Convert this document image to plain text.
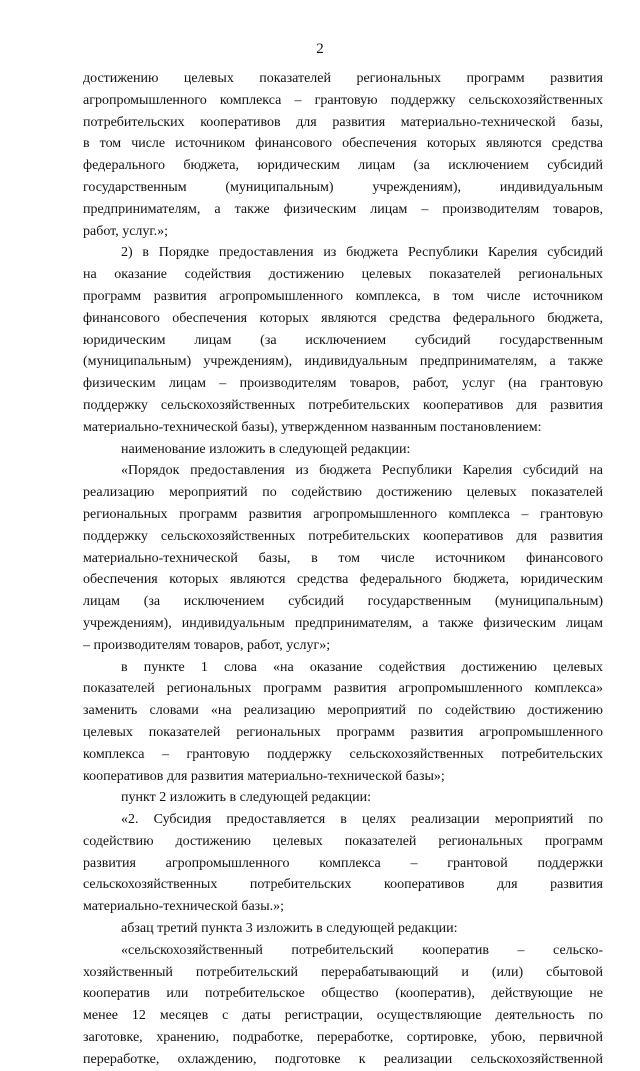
2
достижению целевых показателей региональных программ развития
агропромышленного комплекса – грантовую поддержку сельскохозяйственных
потребительских кооперативов для развития материально-технической базы,
в том числе источником финансового обеспечения которых являются средства
федерального бюджета, юридическим лицам (за исключением субсидий
государственным (муниципальным) учреждениям), индивидуальным
предпринимателям, а также физическим лицам – производителям товаров,
работ, услуг.»;
2) в Порядке предоставления из бюджета Республики Карелия субсидий
на оказание содействия достижению целевых показателей региональных
программ развития агропромышленного комплекса, в том числе источником
финансового обеспечения которых являются средства федерального бюджета,
юридическим лицам (за исключением субсидий государственным
(муниципальным) учреждениям), индивидуальным предпринимателям, а также
физическим лицам – производителям товаров, работ, услуг (на грантовую
поддержку сельскохозяйственных потребительских кооперативов для развития
материально-технической базы), утвержденном названным постановлением:
наименование изложить в следующей редакции:
«Порядок предоставления из бюджета Республики Карелия субсидий на
реализацию мероприятий по содействию достижению целевых показателей
региональных программ развития агропромышленного комплекса – грантовую
поддержку сельскохозяйственных потребительских кооперативов для развития
материально-технической базы, в том числе источником финансового
обеспечения которых являются средства федерального бюджета, юридическим
лицам (за исключением субсидий государственным (муниципальным)
учреждениям), индивидуальным предпринимателям, а также физическим лицам
– производителям товаров, работ, услуг»;
в пункте 1 слова «на оказание содействия достижению целевых
показателей региональных программ развития агропромышленного комплекса»
заменить словами «на реализацию мероприятий по содействию достижению
целевых показателей региональных программ развития агропромышленного
комплекса – грантовую поддержку сельскохозяйственных потребительских
кооперативов для развития материально-технической базы»;
пункт 2 изложить в следующей редакции:
«2. Субсидия предоставляется в целях реализации мероприятий по
содействию достижению целевых показателей региональных программ
развития агропромышленного комплекса – грантовой поддержки
сельскохозяйственных потребительских кооперативов для развития
материально-технической базы.»;
абзац третий пункта 3 изложить в следующей редакции:
«сельскохозяйственный потребительский кооператив – сельско-
хозяйственный потребительский перерабатывающий и (или) сбытовой
кооператив или потребительское общество (кооператив), действующие не
менее 12 месяцев с даты регистрации, осуществляющие деятельность по
заготовке, хранению, подработке, переработке, сортировке, убою, первичной
переработке, охлаждению, подготовке к реализации сельскохозяйственной
